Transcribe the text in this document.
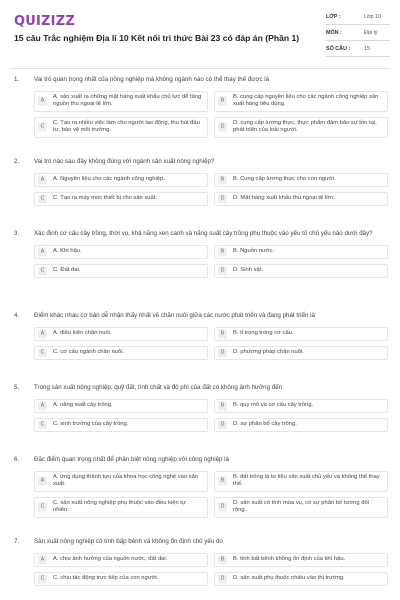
QUIZIZZ
15 câu Trắc nghiệm Địa lí 10 Kết nối tri thức Bài 23 có đáp án (Phần 1)
LỚP :	Lớp 10
MÔN :	Địa lý
SỐ CÂU :	15
1. Vai trò quan trọng nhất của nông nghiệp mà không ngành nào có thể thay thế được là
A
A. sản xuất ra những mặt hàng xuất khẩu chủ lực để tăng nguồn thu ngoại tệ lớn.
B
B. cung cấp nguyên liệu cho các ngành công nghiệp sản xuất hàng tiêu dùng.
C
C. Tạo ra nhiều việc làm cho người lao động, thu hút đầu tư, bảo vệ môi trường.
D
D. cung cấp lương thực, thực phẩm đảm bảo sự tồn tại, phát triển của loài người.
2. Vai trò nào sau đây không đúng với ngành sản xuất nông nghiệp?
A	A. Nguyên liệu cho các ngành công nghiệp.	B	B. Cung cấp lương thực cho con người.
C	C. Tạo ra máy móc thiết bị cho sản xuất.	D	D. Mặt hàng xuất khẩu thu ngoại tệ lớn.
3. Xác định cơ cấu cây trồng, thời vụ, khả năng xen canh và năng suất cây trồng phụ thuộc vào yếu tố chủ yếu nào dưới đây?
A	A. Khí hậu.	B	B. Nguồn nước.
C	C. Đất đai.	D	D. Sinh vật.
4. Điểm khác nhau cơ bản dễ nhận thấy nhất về chăn nuôi giữa các nước phát triển và đang phát triển là
A	A. điều kiện chăn nuôi.	B	B. tỉ trọng trong cơ cấu.
C	C. cơ cấu ngành chăn nuôi.	D	D. phương pháp chăn nuôi.
5. Trong sản xuất nông nghiệp, quỹ đất, tính chất và độ phì của đất có không ảnh hưởng đến
A	A. năng suất cây trồng.	B	B. quy mô và cơ cấu cây trồng.
C	C. sinh trưởng của cây trồng.	D	D. sự phân bố cây trồng.
6. Đặc điểm quan trọng nhất để phân biệt nông nghiệp với công nghiệp là
A
A. ứng dụng thành tựu của khoa học công nghệ vào sản xuất.
B
B. đất trồng là tư liệu sản xuất chủ yếu và không thể thay thế.
C
C. sản xuất nông nghiệp phụ thuộc vào điều kiện tự nhiên.
D
D. sản xuất có tính mùa vụ, có sự phân bố tương đối rộng.
7. Sản xuất nông nghiệp có tính bấp bênh và không ổn định chủ yếu do
A	A. chịu ảnh hưởng của nguồn nước, đất đai.	B	B. tính bất bênh không ổn định của khí hậu.
C	C. chịu tác động trực tiếp của con người.	D	D. sản xuất phụ thuộc nhiều vào thị trường.
